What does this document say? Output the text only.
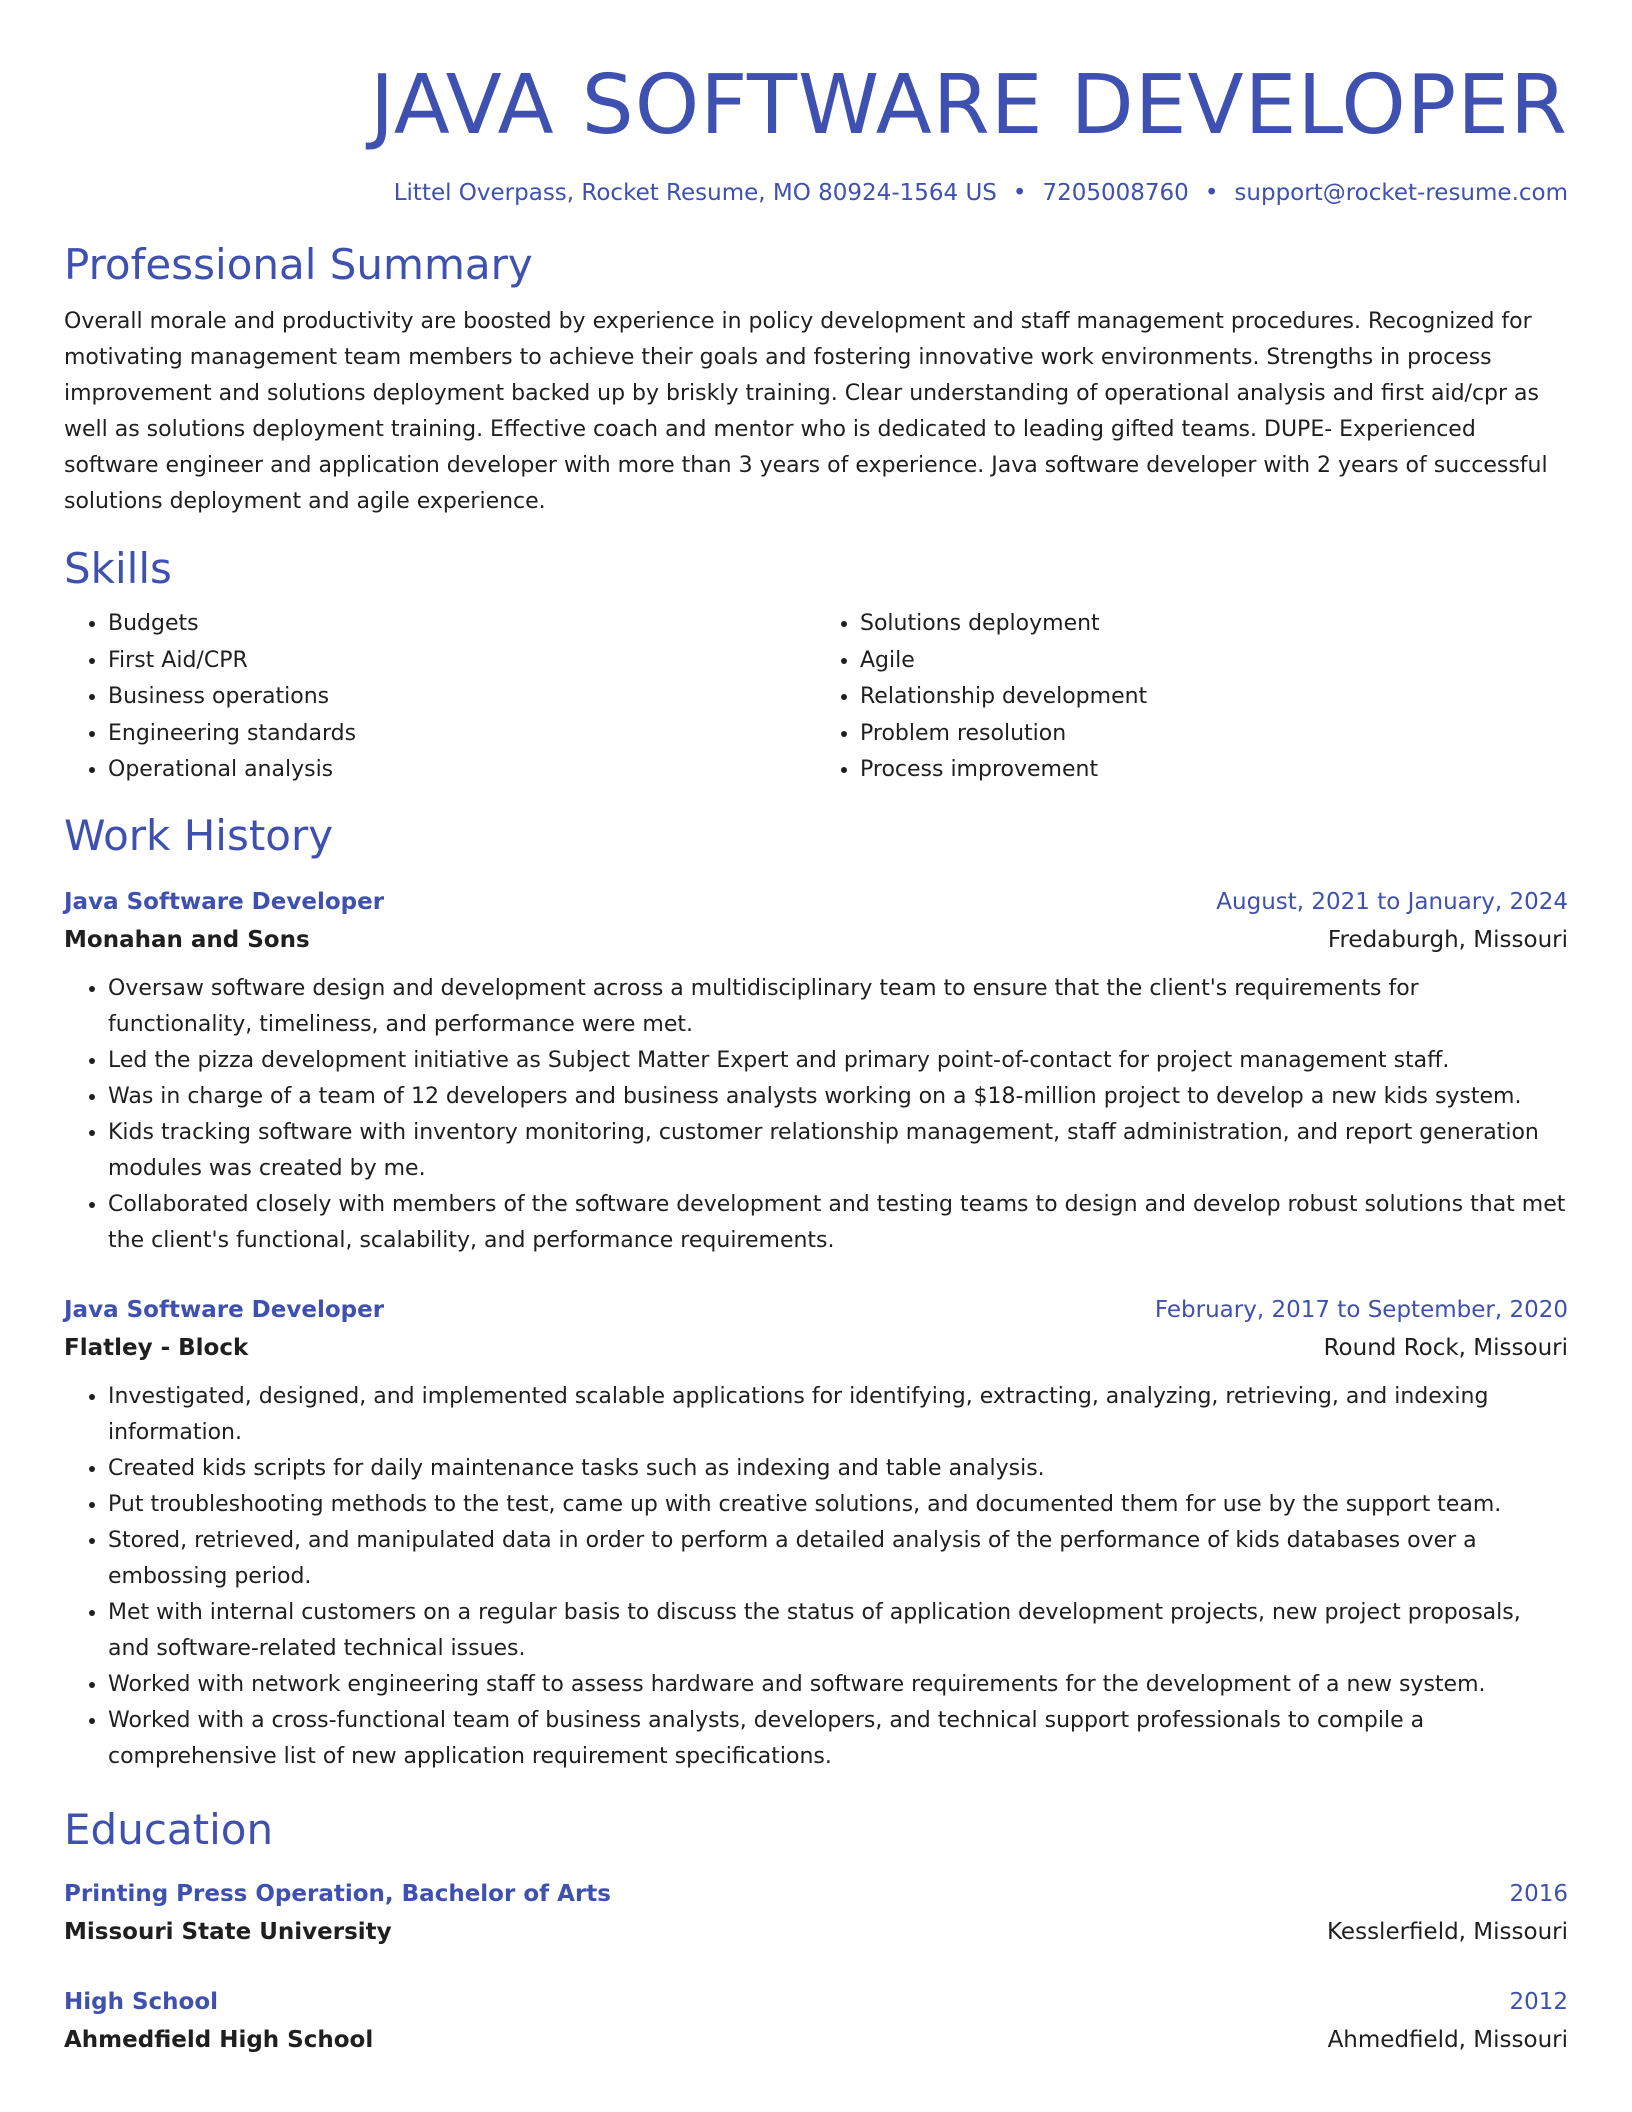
JAVA SOFTWARE DEVELOPER
Littel Overpass, Rocket Resume, MO 80924-1564 US • 7205008760 • support@rocket-resume.com
Professional Summary

Overall morale and productivity are boosted by experience in policy development and staff management procedures. Recognized for motivating management team members to achieve their goals and fostering innovative work environments. Strengths in process improvement and solutions deployment backed up by briskly training. Clear understanding of operational analysis and first aid/cpr as well as solutions deployment training. Effective coach and mentor who is dedicated to leading gifted teams. DUPE- Experienced software engineer and application developer with more than 3 years of experience. Java software developer with 2 years of successful solutions deployment and agile experience.

Skills
• Budgets
• First Aid/CPR
• Business operations
• Engineering standards
• Operational analysis
• Solutions deployment
• Agile
• Relationship development
• Problem resolution
• Process improvement
Work History
Java Software Developer	August, 2021 to January, 2024
Monahan and Sons	Fredaburgh, Missouri
• Oversaw software design and development across a multidisciplinary team to ensure that the client's requirements for functionality, timeliness, and performance were met.
• Led the pizza development initiative as Subject Matter Expert and primary point-of-contact for project management staff.
• Was in charge of a team of 12 developers and business analysts working on a $18-million project to develop a new kids system.
• Kids tracking software with inventory monitoring, customer relationship management, staff administration, and report generation modules was created by me.
• Collaborated closely with members of the software development and testing teams to design and develop robust solutions that met the client's functional, scalability, and performance requirements.
Java Software Developer	February, 2017 to September, 2020
Flatley - Block	Round Rock, Missouri
• Investigated, designed, and implemented scalable applications for identifying, extracting, analyzing, retrieving, and indexing information.
• Created kids scripts for daily maintenance tasks such as indexing and table analysis.
• Put troubleshooting methods to the test, came up with creative solutions, and documented them for use by the support team.
• Stored, retrieved, and manipulated data in order to perform a detailed analysis of the performance of kids databases over a embossing period.
• Met with internal customers on a regular basis to discuss the status of application development projects, new project proposals, and software-related technical issues.
• Worked with network engineering staff to assess hardware and software requirements for the development of a new system.
• Worked with a cross-functional team of business analysts, developers, and technical support professionals to compile a comprehensive list of new application requirement specifications.
Education
Printing Press Operation, Bachelor of Arts	2016
Missouri State University	Kesslerfield, Missouri
High School	2012
Ahmedfield High School	Ahmedfield, Missouri
